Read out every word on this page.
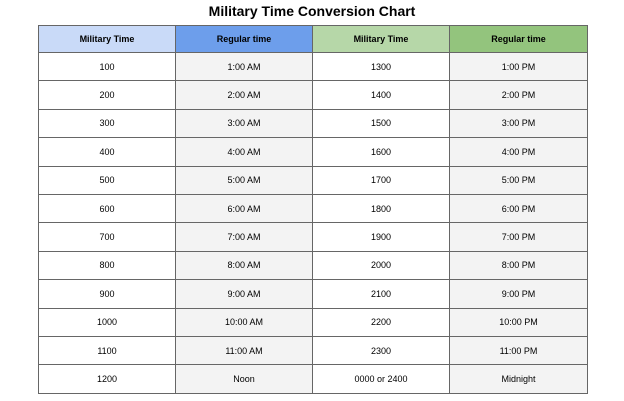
Military Time Conversion Chart
Military Time	Regular time	Military Time	Regular time
100	1:00 AM	1300	1:00 PM
200	2:00 AM	1400	2:00 PM
300	3:00 AM	1500	3:00 PM
400	4:00 AM	1600	4:00 PM
500	5:00 AM	1700	5:00 PM
600	6:00 AM	1800	6:00 PM
700	7:00 AM	1900	7:00 PM
800	8:00 AM	2000	8:00 PM
900	9:00 AM	2100	9:00 PM
1000	10:00 AM	2200	10:00 PM
1100	11:00 AM	2300	11:00 PM
1200	Noon	0000 or 2400	Midnight
